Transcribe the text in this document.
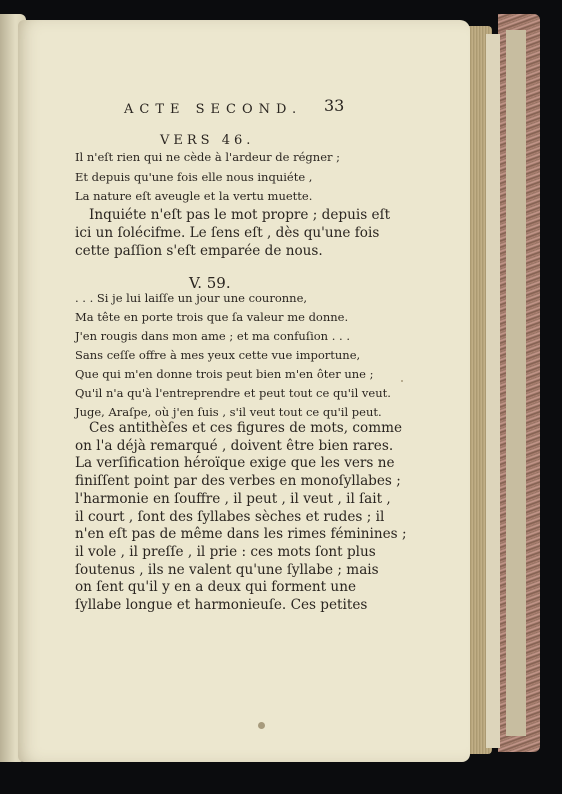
ACTE SECOND. 33
VERS 46.
Il n'eſt rien qui ne cède à l'ardeur de régner ;
Et depuis qu'une fois elle nous inquiéte ,
La nature eſt aveugle et la vertu muette.
Inquiéte n'eſt pas le mot propre ; depuis eſt
ici un ſolécifme. Le ſens eſt , dès qu'une fois
cette paſſion s'eſt emparée de nous.
V. 59.
. . . Si je lui laiſſe un jour une couronne,
Ma tête en porte trois que ſa valeur me donne.
J'en rougis dans mon ame ; et ma confuſion . . .
Sans ceſſe offre à mes yeux cette vue importune,
Que qui m'en donne trois peut bien m'en ôter une ;
Qu'il n'a qu'à l'entreprendre et peut tout ce qu'il veut.
Juge, Araſpe, où j'en ſuis , s'il veut tout ce qu'il peut.
Ces antithèſes et ces figures de mots, comme
on l'a déjà remarqué , doivent être bien rares.
La verſification héroïque exige que les vers ne
finiſſent point par des verbes en monoſyllabes ;
l'harmonie en ſouffre , il peut , il veut , il ſait ,
il court , ſont des ſyllabes sèches et rudes ; il
n'en eſt pas de même dans les rimes féminines ;
il vole , il preſſe , il prie : ces mots ſont plus
ſoutenus , ils ne valent qu'une ſyllabe ; mais
on ſent qu'il y en a deux qui forment une
ſyllabe longue et harmonieuſe. Ces petites
